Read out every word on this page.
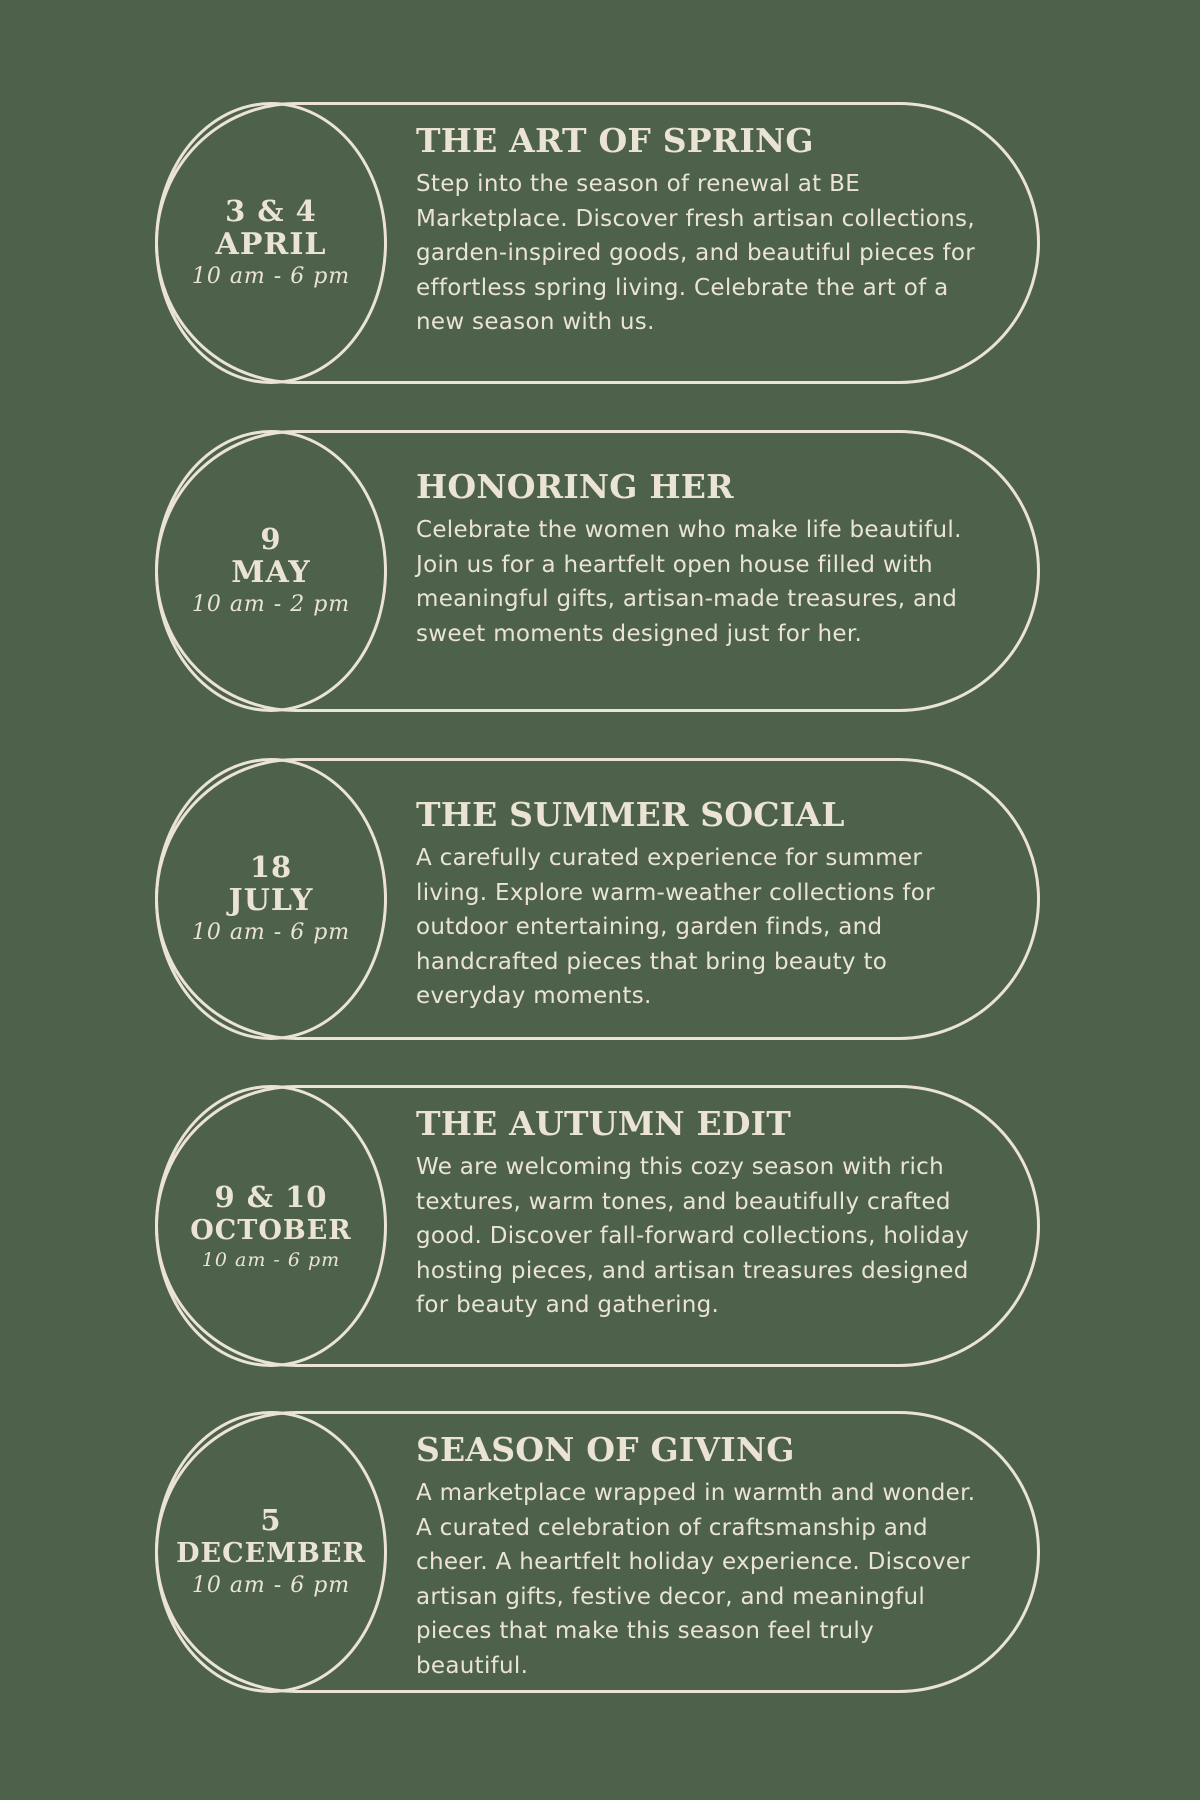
3 & 4
APRIL
10 am - 6 pm
THE ART OF SPRING

Step into the season of renewal at BE Marketplace. Discover fresh artisan collections, garden-inspired goods, and beautiful pieces for effortless spring living. Celebrate the art of a new season with us.

9
MAY
10 am - 2 pm
HONORING HER

Celebrate the women who make life beautiful. Join us for a heartfelt open house filled with meaningful gifts, artisan-made treasures, and sweet moments designed just for her.

18
JULY
10 am - 6 pm
THE SUMMER SOCIAL

A carefully curated experience for summer living. Explore warm-weather collections for outdoor entertaining, garden finds, and handcrafted pieces that bring beauty to everyday moments.

9 & 10
OCTOBER
10 am - 6 pm
THE AUTUMN EDIT

We are welcoming this cozy season with rich textures, warm tones, and beautifully crafted good. Discover fall-forward collections, holiday hosting pieces, and artisan treasures designed for beauty and gathering.

5
DECEMBER
10 am - 6 pm
SEASON OF GIVING

A marketplace wrapped in warmth and wonder. A curated celebration of craftsmanship and cheer. A heartfelt holiday experience. Discover artisan gifts, festive decor, and meaningful pieces that make this season feel truly beautiful.
